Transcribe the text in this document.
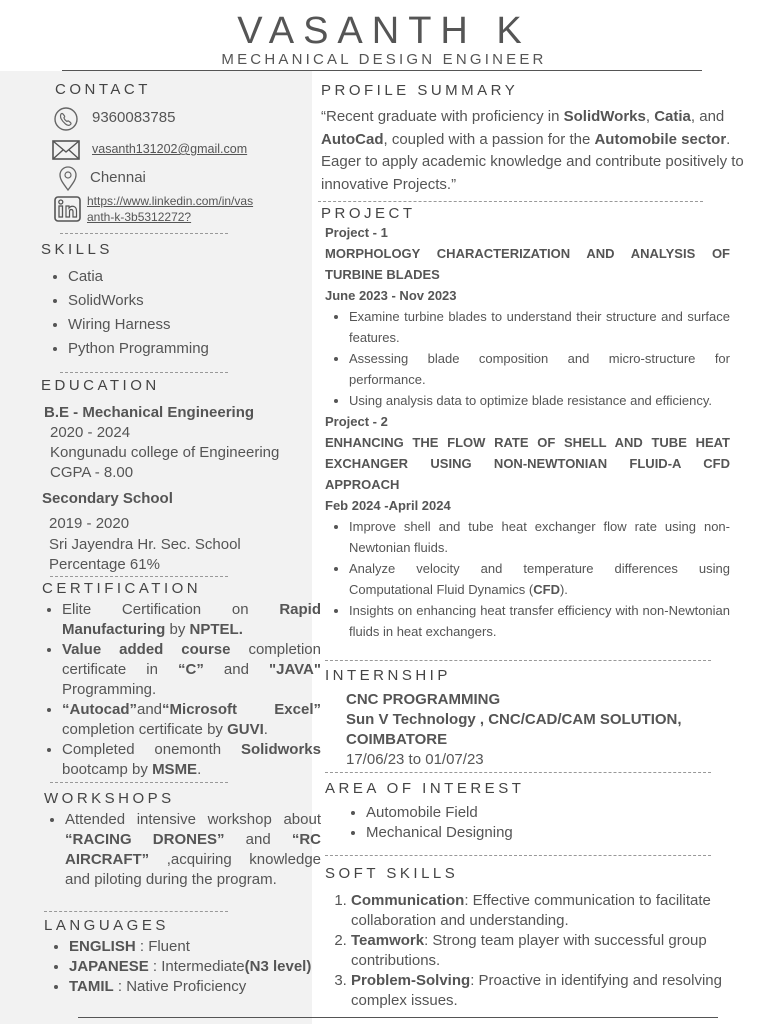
VASANTH K
MECHANICAL DESIGN ENGINEER
CONTACT
9360083785
vasanth131202@gmail.com
Chennai
https://www.linkedin.com/in/vas
anth-k-3b5312272?
SKILLS
• Catia
• SolidWorks
• Wiring Harness
• Python Programming
EDUCATION
B.E - Mechanical Engineering
2020 - 2024
Kongunadu college of Engineering
CGPA - 8.00
Secondary School
2019 - 2020
Sri Jayendra Hr. Sec. School
Percentage 61%
CERTIFICATION
• Elite Certification on Rapid Manufacturing by NPTEL.
• Value added course completion certificate in “C” and "JAVA" Programming.
• “Autocad”and“Microsoft Excel” completion certificate by GUVI.
• Completed onemonth Solidworks bootcamp by MSME.
WORKSHOPS
• Attended intensive workshop about “RACING DRONES” and “RC AIRCRAFT” ,acquiring knowledge and piloting during the program.
LANGUAGES
• ENGLISH : Fluent
• JAPANESE : Intermediate(N3 level)
• TAMIL : Native Proficiency
PROFILE SUMMARY
“Recent graduate with proficiency in SolidWorks, Catia, and AutoCad, coupled with a passion for the Automobile sector. Eager to apply academic knowledge and contribute positively to innovative Projects.”
PROJECT
Project - 1
MORPHOLOGY CHARACTERIZATION AND ANALYSIS OF TURBINE BLADES
June 2023 - Nov 2023
• Examine turbine blades to understand their structure and surface features.
• Assessing blade composition and micro-structure for performance.
• Using analysis data to optimize blade resistance and efficiency.
Project - 2
ENHANCING THE FLOW RATE OF SHELL AND TUBE HEAT EXCHANGER USING NON-NEWTONIAN FLUID-A CFD APPROACH
Feb 2024 -April 2024
• Improve shell and tube heat exchanger flow rate using non-Newtonian fluids.
• Analyze velocity and temperature differences using Computational Fluid Dynamics (CFD).
• Insights on enhancing heat transfer efficiency with non-Newtonian fluids in heat exchangers.
INTERNSHIP
CNC PROGRAMMING
Sun V Technology , CNC/CAD/CAM SOLUTION, COIMBATORE
17/06/23 to 01/07/23
AREA OF INTEREST
• Automobile Field
• Mechanical Designing
SOFT SKILLS
1. Communication: Effective communication to facilitate collaboration and understanding.
2. Teamwork: Strong team player with successful group contributions.
3. Problem-Solving: Proactive in identifying and resolving complex issues.
